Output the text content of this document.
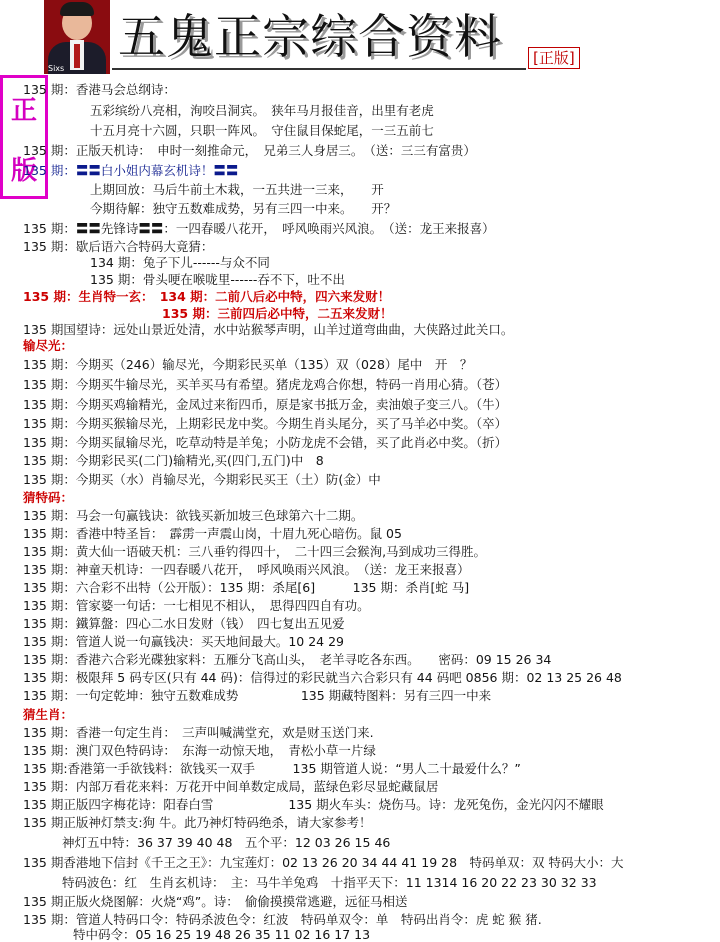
Sixs
五鬼正宗综合资料	[正版]
正
版
135 期：香港马会总纲诗：
五彩缤纷八亮相，洵咬吕洞宾。　狭年马月报佳音，出里有老虎
十五月亮十六圆，只职一阵风。　守住鼠目保蛇尾，一三五前七
135 期：正版天机诗：　申时一刻推命元，　兄弟三人身居三。　（送：三三有富贵）
135 期：〓〓白小姐内幕玄机诗！〓〓
上期回放：马后牛前土木栽，一五共进一三来，　　开
今期待解：独守五数难成势，另有三四一中来。　　开？
135 期：〓〓先锋诗〓〓：一四春暖八花开，　呼风唤雨兴风浪。　（送：龙王来报喜）
135 期：歇后语六合特码大竟猜：
134 期：兔子下儿------与众不同
135 期：骨头哽在喉咙里------吞不下，吐不出
135 期：生肖特一玄：　134 期：二前八后必中特，四六来发财！
135 期：三前四后必中特，二五来发财！
135 期国望诗：远处山景近处清，水中站猴琴声明，山羊过道弯曲曲，大侠路过此关口。
输尽光：
135 期：今期买（246）输尽光，今期彩民买单（135）双（028）尾中　开　？
135 期：今期买牛输尽光，买羊买马有希望。猪虎龙鸡合你想，特码一肖用心猜。（苍）
135 期：今期买鸡输精光，金凤过来衔四币，原是家书抵万金，卖油娘子变三八。（牛）
135 期：今期买猴输尽光，上期彩民龙中奖。今期生肖头尾分，买了马羊必中奖。（卒）
135 期：今期买鼠输尽光，吃草动特是羊兔；小防龙虎不会错，买了此肖必中奖。（折）
135 期：今期彩民买(二门)输精光,买(四门,五门)中　8
135 期：今期买（水）肖输尽光，今期彩民买王（土）防(金）中
猜特码：
135 期：马会一句赢钱诀：欲钱买新加坡三色球第六十二期。
135 期：香港中特圣旨：　霹雳一声震山岗，十眉九死心暗伤。鼠 05
135 期：黄大仙一语破天机：三八垂钓得四十，　二十四三会猴洵,马到成功三得胜。
135 期：神童天机诗：一四春暖八花开，　呼风唤雨兴风浪。　（送：龙王来报喜）
135 期：六合彩不出特（公开版）：135 期：杀尾[6]　　　135 期：杀肖[蛇 马]
135 期：管家婆一句话：一七相见不相认，　思得四四自有功。
135 期：鐵算盤：四心二水日发财（钱）　四七复出五见爱
135 期：管道人说一句赢钱决：买天地间最大。10 24 29
135 期：香港六合彩光碟独家料：五雁分飞高山头，　老羊寻吃各东西。　　密码：09 15 26 34
135 期：极限拜 5 码专区(只有 44 码)：信得过的彩民就当六合彩只有 44 码吧 0856 期：02 13 25 26 48
135 期：一句定乾坤：独守五数难成势　　　　　135 期藏特图料：另有三四一中来
猜生肖：
135 期：香港一句定生肖：　三声叫喊满堂充，欢是财玉送门来.
135 期：澳门双色特码诗：　东海一动惊天地，　青松小草一片绿
135 期:香港第一手欲钱料：欲钱买一双手　　　135 期管道人说：“男人二十最爱什么？”
135 期：内部万看花来料：万花开中间单数定成局，蓝绿色彩尽显蛇藏鼠居
135 期正版四字梅花诗：阳春白雪　　　　　　135 期火车头：烧伤马。诗：龙死兔伤，金光闪闪不耀眼
135 期正版神灯禁支:狗 牛。此乃神灯特码绝杀，请大家参考！
神灯五中特：36 37 39 40 48　五个平：12 03 26 15 46
135 期香港地下信封《千王之王》：九宝莲灯：02 13 26 20 34 44 41 19 28　特码单双：双 特码大小：大
特码波色：红　生肖玄机诗：　主：马牛羊兔鸡　十指平天下：11 1314 16 20 22 23 30 32 33
135 期正版火烧图解：火烧“鸡”。诗：　偷偷摸摸常逃避，远征马相送
135 期：管道人特码口令：特码杀波色令：红波　特码单双令：单　特码出肖令：虎 蛇 猴 猪.
特中码令：05 16 25 19 48 26 35 11 02 16 17 13
